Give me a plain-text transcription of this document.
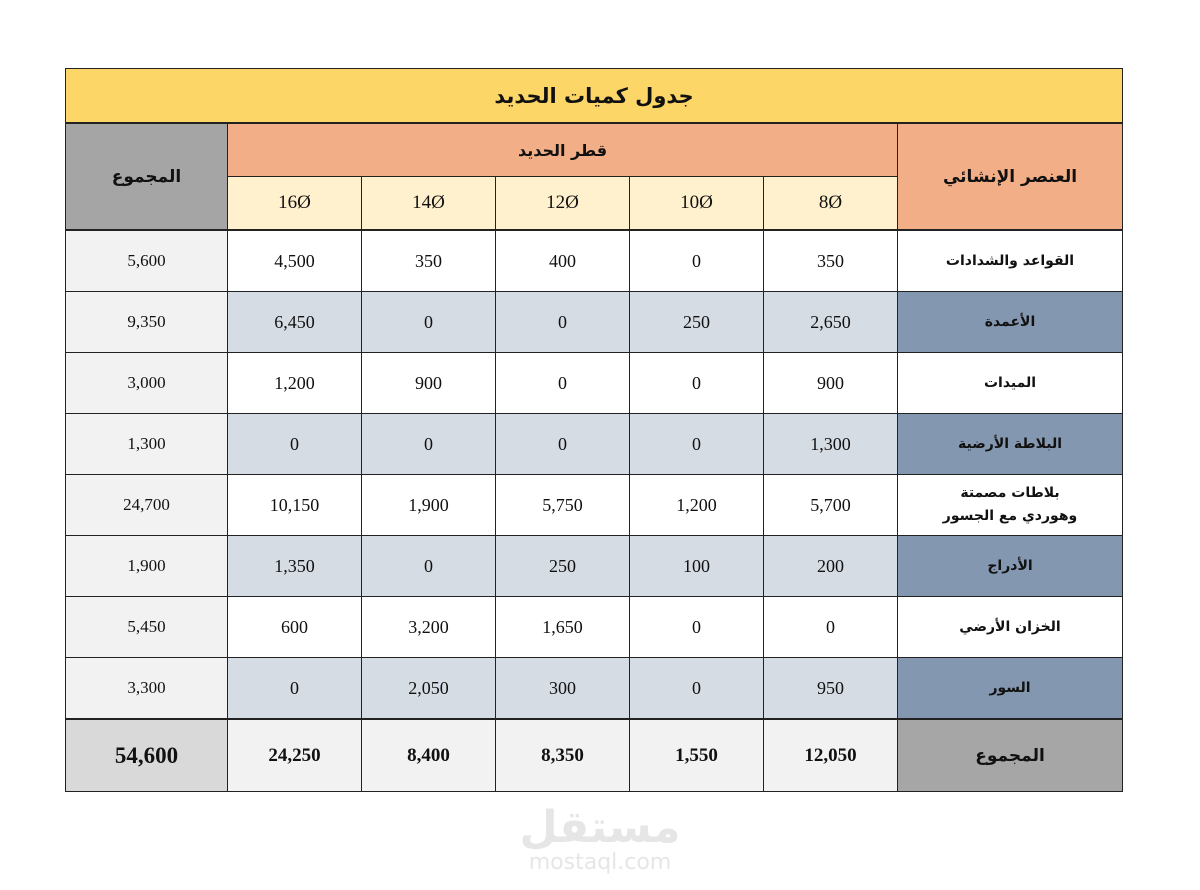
جدول كميات الحديد						
العنصر الإنشائي	قطر الحديد					المجموع
	8Ø	10Ø	12Ø	14Ø	16Ø	
القواعد والشدادات	350	0	400	350	4,500	5,600
الأعمدة	2,650	250	0	0	6,450	9,350
الميدات	900	0	0	900	1,200	3,000
البلاطة الأرضية	1,300	0	0	0	0	1,300

بلاطات مصمتة
وهوردي مع الجسور	5,700	1,200	5,750	1,900	10,150	24,700
الأدراج	200	100	250	0	1,350	1,900
الخزان الأرضي	0	0	1,650	3,200	600	5,450
السور	950	0	300	2,050	0	3,300
المجموع	12,050	1,550	8,350	8,400	24,250	54,600
مستقل
mostaql.com
